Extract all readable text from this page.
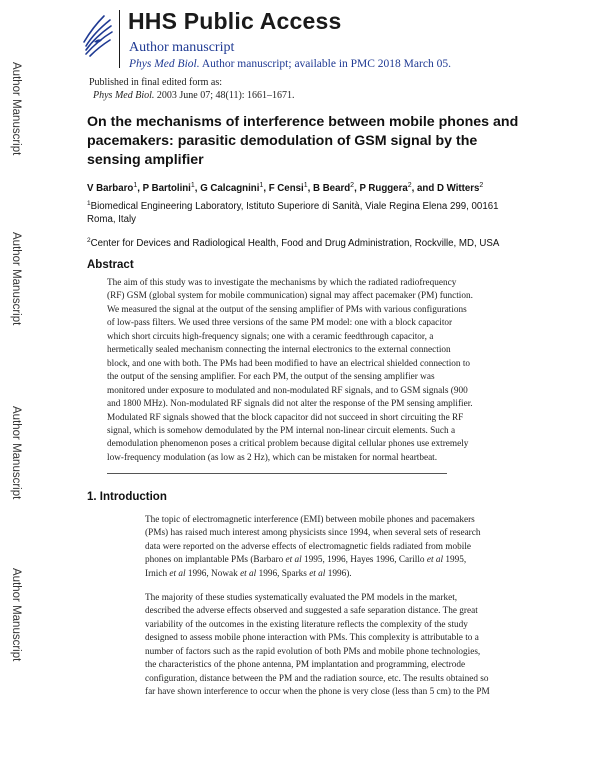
Author Manuscript
Author Manuscript
Author Manuscript
Author Manuscript
HHS Public Access
Author manuscript
Phys Med Biol. Author manuscript; available in PMC 2018 March 05.
Published in final edited form as:
Phys Med Biol. 2003 June 07; 48(11): 1661–1671.
On the mechanisms of interference between mobile phones and pacemakers: parasitic demodulation of GSM signal by the sensing amplifier
V Barbaro$^1$, P Bartolini$^1$, G Calcagnini$^1$, F Censi$^1$, B Beard$^2$, P Ruggera$^2$, and D Witters$^2$
$^1$Biomedical Engineering Laboratory, Istituto Superiore di Sanità, Viale Regina Elena 299, 00161 Roma, Italy
$^2$Center for Devices and Radiological Health, Food and Drug Administration, Rockville, MD, USA
Abstract

The aim of this study was to investigate the mechanisms by which the radiated radiofrequency

(RF) GSM (global system for mobile communication) signal may affect pacemaker (PM) function.

We measured the signal at the output of the sensing amplifier of PMs with various configurations

of low-pass filters. We used three versions of the same PM model: one with a block capacitor

which short circuits high-frequency signals; one with a ceramic feedthrough capacitor, a

hermetically sealed mechanism connecting the internal electronics to the external connection

block, and one with both. The PMs had been modified to have an electrical shielded connection to

the output of the sensing amplifier. For each PM, the output of the sensing amplifier was

monitored under exposure to modulated and non-modulated RF signals, and to GSM signals (900

and 1800 MHz). Non-modulated RF signals did not alter the response of the PM sensing amplifier.

Modulated RF signals showed that the block capacitor did not succeed in short circuiting the RF

signal, which is somehow demodulated by the PM internal non-linear circuit elements. Such a

demodulation phenomenon poses a critical problem because digital cellular phones use extremely

low-frequency modulation (as low as 2 Hz), which can be mistaken for normal heartbeat.

1. Introduction

The topic of electromagnetic interference (EMI) between mobile phones and pacemakers

(PMs) has raised much interest among physicists since 1994, when several sets of research

data were reported on the adverse effects of electromagnetic fields radiated from mobile

phones on implantable PMs (Barbaro et al 1995, 1996, Hayes 1996, Carillo et al 1995,

Irnich et al 1996, Nowak et al 1996, Sparks et al 1996).

The majority of these studies systematically evaluated the PM models in the market,

described the adverse effects observed and suggested a safe separation distance. The great

variability of the outcomes in the existing literature reflects the complexity of the study

designed to assess mobile phone interaction with PMs. This complexity is attributable to a

number of factors such as the rapid evolution of both PMs and mobile phone technologies,

the characteristics of the phone antenna, PM implantation and programming, electrode

configuration, distance between the PM and the radiation source, etc. The results obtained so

far have shown interference to occur when the phone is very close (less than 5 cm) to the PM
